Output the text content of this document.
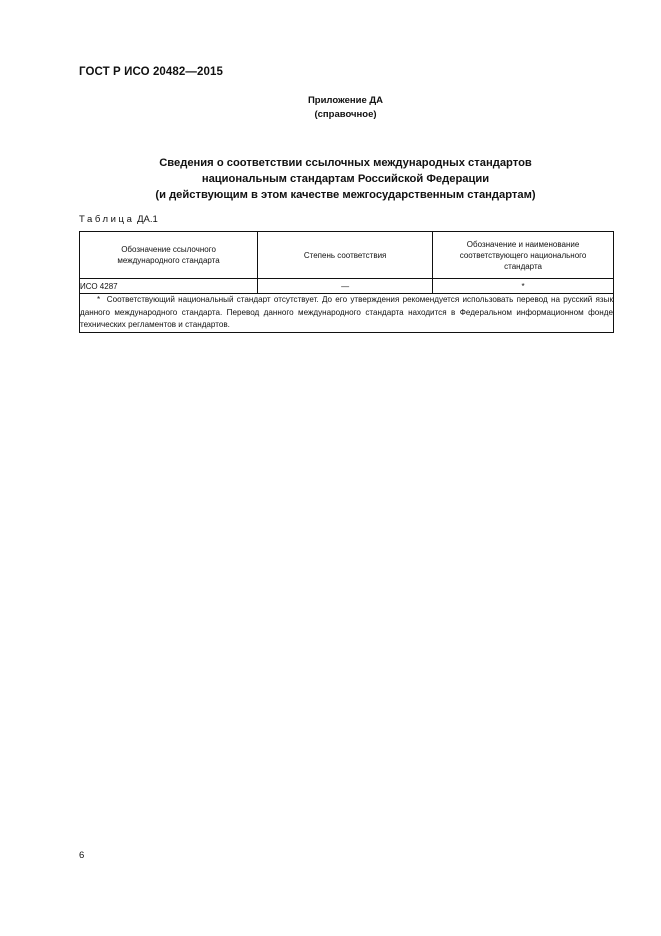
ГОСТ Р ИСО 20482—2015
Приложение ДА
(справочное)
Сведения о соответствии ссылочных международных стандартов
национальным стандартам Российской Федерации
(и действующим в этом качестве межгосударственным стандартам)
Таблица ДА.1
Обозначение ссылочного международного стандарта	Степень соответствия	Обозначение и наименование соответствующего национального стандарта
ИСО 4287	—	*
* Соответствующий национальный стандарт отсутствует. До его утверждения рекомендуется использовать перевод на русский язык данного международного стандарта. Перевод данного международного стандарта находится в Федеральном информационном фонде технических регламентов и стандартов.		
6
